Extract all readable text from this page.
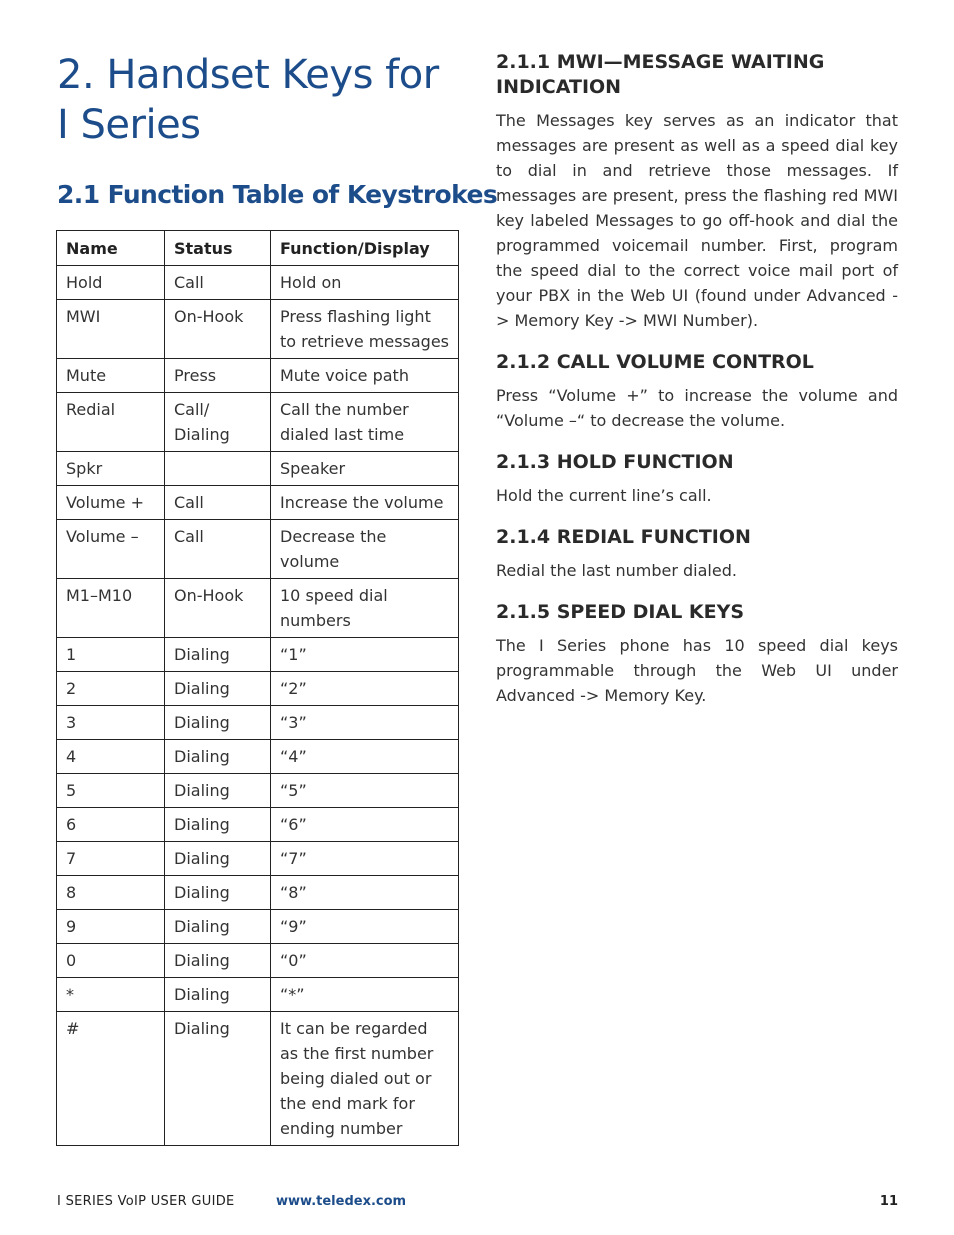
2. Handset Keys for
I Series
2.1 Function Table of Keystrokes
Name	Status	Function/Display
Hold	Call	Hold on
MWI	On-Hook	Press flashing light to retrieve messages
Mute	Press	Mute voice path
Redial	Call/ Dialing	Call the number dialed last time
Spkr		Speaker
Volume +	Call	Increase the volume
Volume –	Call	Decrease the volume
M1–M10	On-Hook	10 speed dial numbers
1	Dialing	“1”
2	Dialing	“2”
3	Dialing	“3”
4	Dialing	“4”
5	Dialing	“5”
6	Dialing	“6”
7	Dialing	“7”
8	Dialing	“8”
9	Dialing	“9”
0	Dialing	“0”
*	Dialing	“*”
#	Dialing	It can be regarded as the first number being dialed out or the end mark for ending number
2.1.1 MWI—MESSAGE WAITING INDICATION

The Messages key serves as an indicator that messages are present as well as a speed dial key to dial in and retrieve those messages. If messages are present, press the flashing red MWI key labeled Messages to go off-hook and dial the programmed voicemail number. First, program the speed dial to the correct voice mail port of your PBX in the Web UI (found under Advanced -> Memory Key -> MWI Number).

2.1.2 CALL VOLUME CONTROL

Press “Volume +” to increase the volume and “Volume –“ to decrease the volume.

2.1.3 HOLD FUNCTION

Hold the current line’s call.

2.1.4 REDIAL FUNCTION

Redial the last number dialed.

2.1.5 SPEED DIAL KEYS

The I Series phone has 10 speed dial keys programmable through the Web UI under Advanced -> Memory Key.

I SERIES VoIP USER GUIDE	www.teledex.com	11
